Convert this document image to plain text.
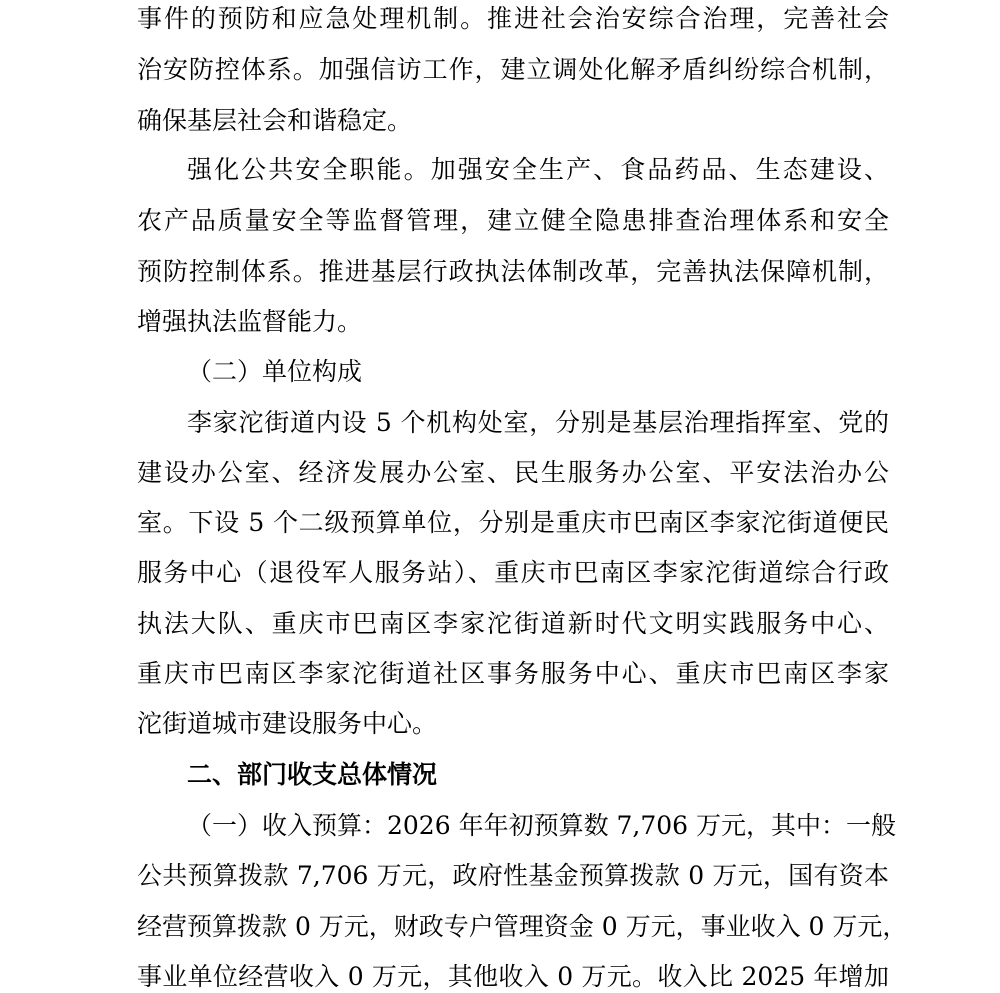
事件的预防和应急处理机制。推进社会治安综合治理，完善社会
治安防控体系。加强信访工作，建立调处化解矛盾纠纷综合机制，
确保基层社会和谐稳定。
强化公共安全职能。加强安全生产、食品药品、生态建设、
农产品质量安全等监督管理，建立健全隐患排查治理体系和安全
预防控制体系。推进基层行政执法体制改革，完善执法保障机制，
增强执法监督能力。
（二）单位构成
李家沱街道内设 5 个机构处室，分别是基层治理指挥室、党的
建设办公室、经济发展办公室、民生服务办公室、平安法治办公
室。下设 5 个二级预算单位，分别是重庆市巴南区李家沱街道便民
服务中心（退役军人服务站）、重庆市巴南区李家沱街道综合行政
执法大队、重庆市巴南区李家沱街道新时代文明实践服务中心、
重庆市巴南区李家沱街道社区事务服务中心、重庆市巴南区李家
沱街道城市建设服务中心。
二、部门收支总体情况
（一）收入预算：2026 年年初预算数 7,706 万元，其中：一般
公共预算拨款 7,706 万元，政府性基金预算拨款 0 万元，国有资本
经营预算拨款 0 万元，财政专户管理资金 0 万元，事业收入 0 万元，
事业单位经营收入 0 万元，其他收入 0 万元。收入比 2025 年增加
